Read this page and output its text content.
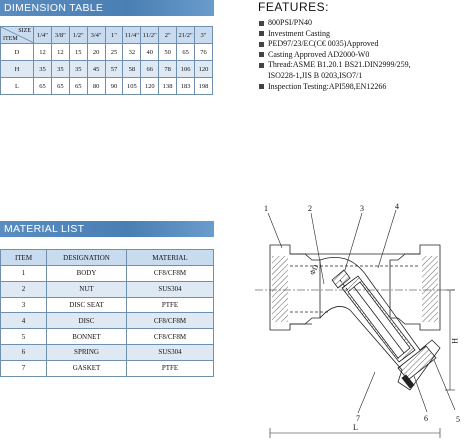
DIMENSION TABLE
SIZE
ITEM	1/4"	3/8"	1/2"	3/4"	1"	11/4"	11/2"	2"	21/2"	3"
D	12	12	15	20	25	32	40	50	65	76
H	35	35	35	45	57	58	66	78	106	120
L	65	65	65	80	90	105	120	138	183	198
MATERIAL LIST
ITEM	DESIGNATION	MATERIAL
1	BODY	CF8/CF8M
2	NUT	SUS304
3	DISC SEAT	PTFE
4	DISC	CF8/CF8M
5	BONNET	CF8/CF8M
6	SPRING	SUS304
7	GASKET	PTFE

FEATURES:

800PSI/PN40
Investment Casting
PED97/23/EC(C€ 0035)Approved
Casting Approved AD2000-W0
Thread:ASME B1.20.1 BS21.DIN2999/259,
ISO228-1,JIS B 0203,ISO7/1
Inspection Testing:API598,EN12266
1	2	3	4
5
6
7
L
H
ΦD
